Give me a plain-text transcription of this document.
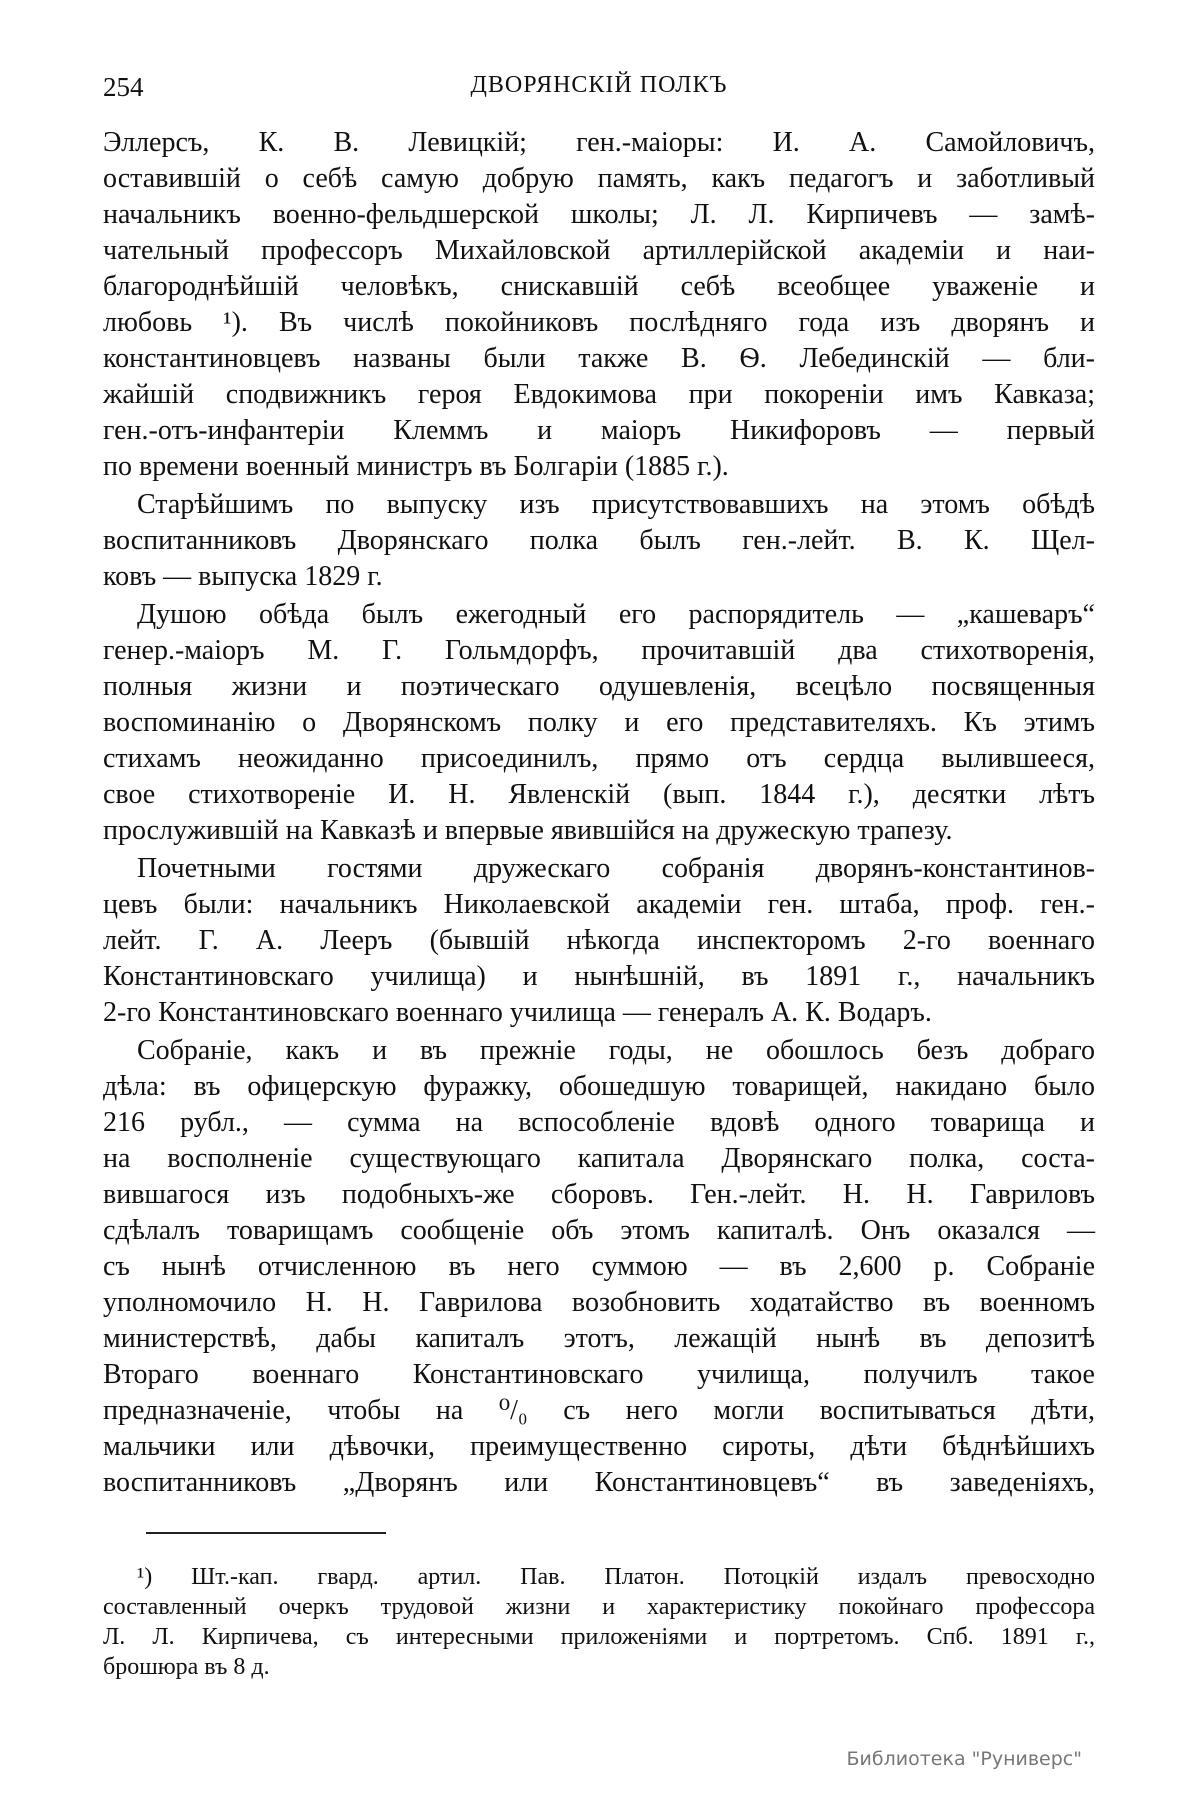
254	ДВОРЯНСКІЙ ПОЛКЪ
Эллерсъ, К. В. Левицкій; ген.-маіоры: И. А. Самойловичъ,
оставившій о себѣ самую добрую память, какъ педагогъ и заботливый
начальникъ военно-фельдшерской школы; Л. Л. Кирпичевъ — замѣ-
чательный профессоръ Михайловской артиллерійской академіи и наи-
благороднѣйшій человѣкъ, снискавшій себѣ всеобщее уваженіе и
любовь ¹). Въ числѣ покойниковъ послѣдняго года изъ дворянъ и
константиновцевъ названы были также В. Ѳ. Лебединскій — бли-
жайшій сподвижникъ героя Евдокимова при покореніи имъ Кавказа;
ген.-отъ-инфантеріи Клеммъ и маіоръ Никифоровъ — первый
по времени военный министръ въ Болгаріи (1885 г.).
Старѣйшимъ по выпуску изъ присутствовавшихъ на этомъ обѣдѣ
воспитанниковъ Дворянскаго полка былъ ген.-лейт. В. К. Щел-
ковъ — выпуска 1829 г.
Душою обѣда былъ ежегодный его распорядитель — „кашеваръ“
генер.-маіоръ М. Г. Гольмдорфъ, прочитавшій два стихотворенія,
полныя жизни и поэтическаго одушевленія, всецѣло посвященныя
воспоминанію о Дворянскомъ полку и его представителяхъ. Къ этимъ
стихамъ неожиданно присоединилъ, прямо отъ сердца вылившееся,
свое стихотвореніе И. Н. Явленскій (вып. 1844 г.), десятки лѣтъ
прослужившій на Кавказѣ и впервые явившійся на дружескую трапезу.
Почетными гостями дружескаго собранія дворянъ-константинов-
цевъ были: начальникъ Николаевской академіи ген. штаба, проф. ген.-
лейт. Г. А. Лееръ (бывшій нѣкогда инспекторомъ 2-го военнаго
Константиновскаго училища) и нынѣшній, въ 1891 г., начальникъ
2-го Константиновскаго военнаго училища — генералъ А. К. Водаръ.
Собраніе, какъ и въ прежніе годы, не обошлось безъ добраго
дѣла: въ офицерскую фуражку, обошедшую товарищей, накидано было
216 рубл., — сумма на вспособленіе вдовѣ одного товарища и
на восполненіе существующаго капитала Дворянскаго полка, соста-
вившагося изъ подобныхъ-же сборовъ. Ген.-лейт. Н. Н. Гавриловъ
сдѣлалъ товарищамъ сообщеніе объ этомъ капиталѣ. Онъ оказался —
съ нынѣ отчисленною въ него суммою — въ 2,600 р. Собраніе
уполномочило Н. Н. Гаврилова возобновить ходатайство въ военномъ
министерствѣ, дабы капиталъ этотъ, лежащій нынѣ въ депозитѣ
Втораго военнаго Константиновскаго училища, получилъ такое
предназначеніе, чтобы на ⁰/₀ съ него могли воспитываться дѣти,
мальчики или дѣвочки, преимущественно сироты, дѣти бѣднѣйшихъ
воспитанниковъ „Дворянъ или Константиновцевъ“ въ заведеніяхъ,
¹) Шт.-кап. гвард. артил. Пав. Платон. Потоцкій издалъ превосходно
составленный очеркъ трудовой жизни и характеристику покойнаго профессора
Л. Л. Кирпичева, съ интересными приложеніями и портретомъ. Спб. 1891 г.,
брошюра въ 8 д.
Библиотека "Руниверс"
